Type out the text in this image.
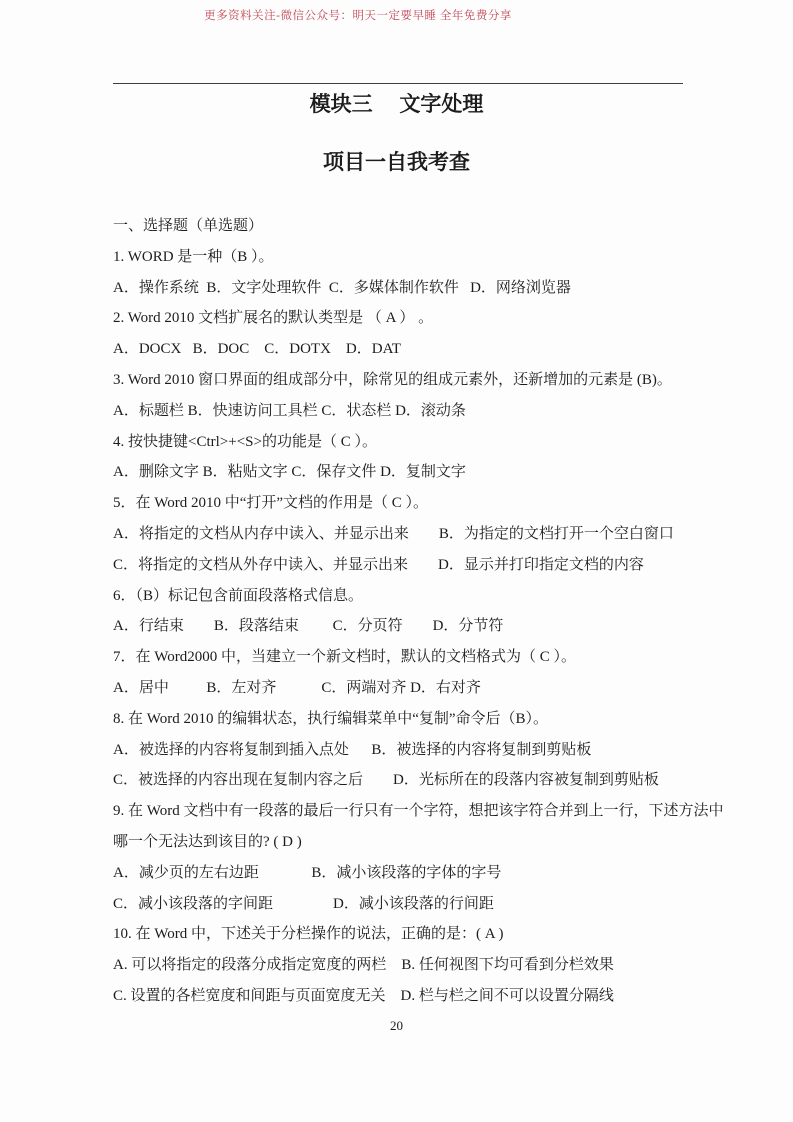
更多资料关注-微信公众号：明天一定要早睡 全年免费分享
模块三　 文字处理
项目一自我考查

一、选择题（单选题）

1. WORD 是一种（B ）。

A．操作系统  B．文字处理软件  C．多媒体制作软件   D．网络浏览器

2. Word 2010 文档扩展名的默认类型是 （ A ） 。

A．DOCX   B．DOC    C．DOTX    D．DAT

3. Word 2010 窗口界面的组成部分中，除常见的组成元素外，还新增加的元素是 (B)。

A．标题栏 B．快速访问工具栏 C．状态栏 D．滚动条

4. 按快捷键<Ctrl>+<S>的功能是（ C ）。

A．删除文字 B．粘贴文字 C．保存文件 D．复制文字

5．在 Word 2010 中“打开”文档的作用是（ C ）。

A．将指定的文档从内存中读入、并显示出来        B．为指定的文档打开一个空白窗口

C．将指定的文档从外存中读入、并显示出来        D．显示并打印指定文档的内容

6．（B）标记包含前面段落格式信息。

A．行结束        B．段落结束         C．分页符        D．分节符

7．在 Word2000 中，当建立一个新文档时，默认的文档格式为（ C ）。

A．居中          B．左对齐            C．两端对齐 D．右对齐

8. 在 Word 2010 的编辑状态，执行编辑菜单中“复制”命令后（B）。

A．被选择的内容将复制到插入点处      B．被选择的内容将复制到剪贴板

C．被选择的内容出现在复制内容之后        D．光标所在的段落内容被复制到剪贴板

9. 在 Word 文档中有一段落的最后一行只有一个字符，想把该字符合并到上一行，下述方法中

哪一个无法达到该目的? ( D )

A．减少页的左右边距              B．减小该段落的字体的字号

C．减小该段落的字间距                D．减小该段落的行间距

10. 在 Word 中，下述关于分栏操作的说法，正确的是：( A )

A. 可以将指定的段落分成指定宽度的两栏    B. 任何视图下均可看到分栏效果

C. 设置的各栏宽度和间距与页面宽度无关    D. 栏与栏之间不可以设置分隔线

20
